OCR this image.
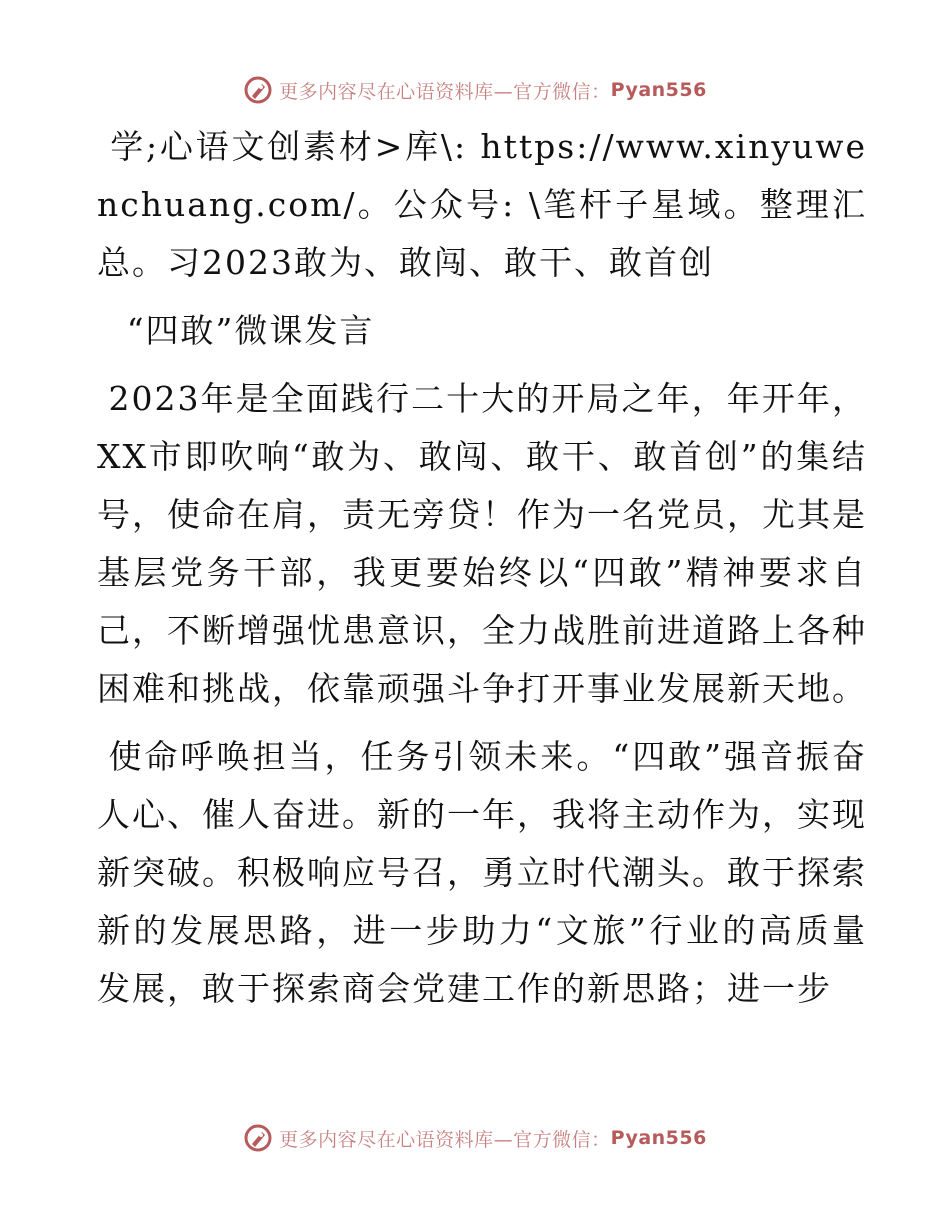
更多内容尽在心语资料库—官方微信： Pyan556

学;心语文创素材>库\: https://www.xinyuwenchuang.com/。公众号: \笔杆子星域。整理汇总。习2023敢为、敢闯、敢干、敢首创

“四敢”微课发言

2023年是全面践行二十大的开局之年，年开年，XX市即吹响“敢为、敢闯、敢干、敢首创”的集结号，使命在肩，责无旁贷！作为一名党员，尤其是基层党务干部，我更要始终以“四敢”精神要求自己，不断增强忧患意识，全力战胜前进道路上各种困难和挑战，依靠顽强斗争打开事业发展新天地。

使命呼唤担当，任务引领未来。“四敢”强音振奋人心、催人奋进。新的一年，我将主动作为，实现新突破。积极响应号召，勇立时代潮头。敢于探索新的发展思路，进一步助力“文旅”行业的高质量发展，敢于探索商会党建工作的新思路；进一步

更多内容尽在心语资料库—官方微信： Pyan556
